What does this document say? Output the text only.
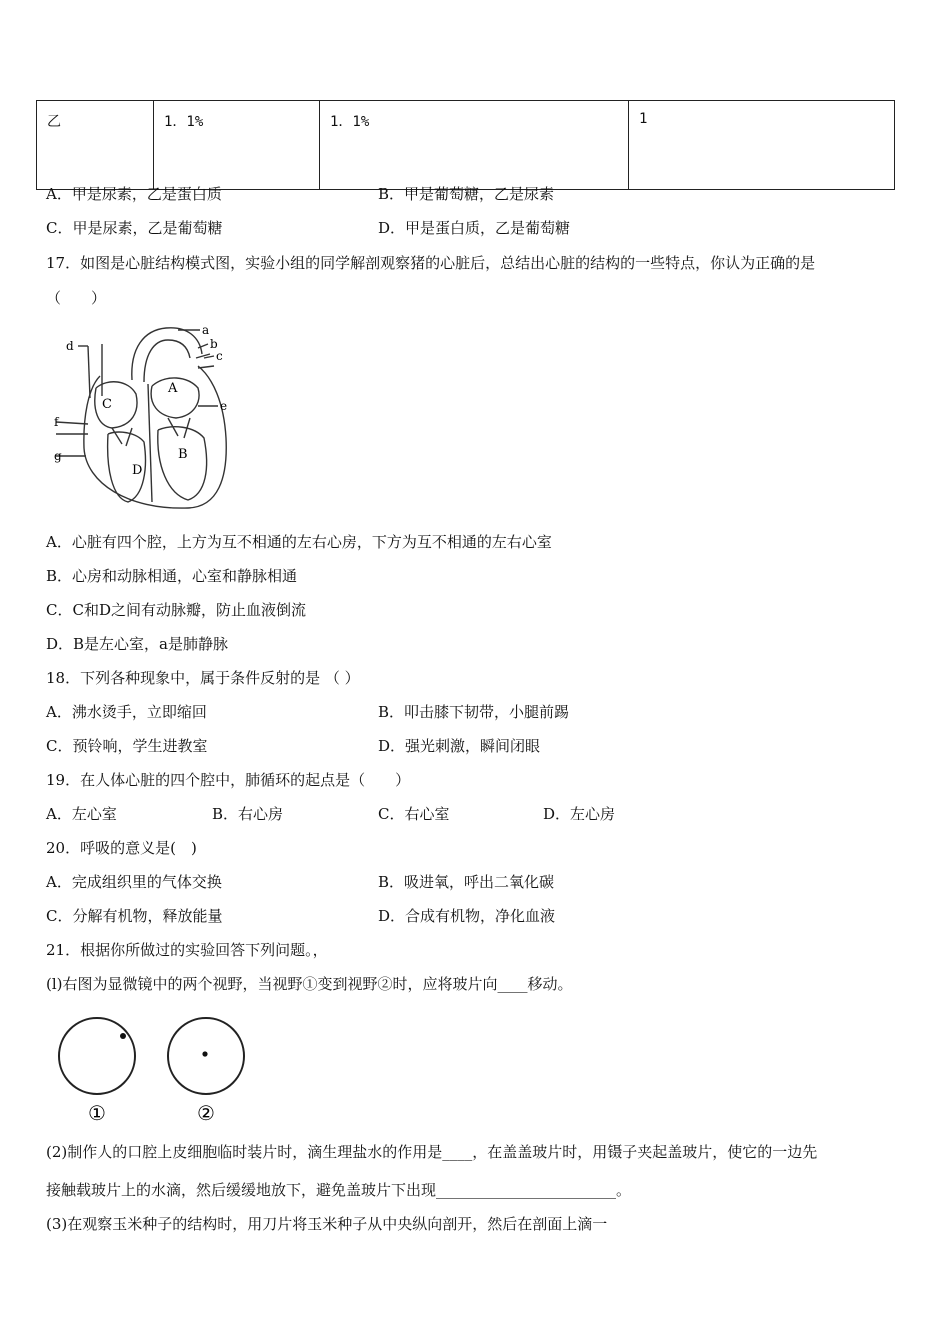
乙	1．1%	1．1%	1
A．甲是尿素，乙是蛋白质	B．甲是葡萄糖，乙是尿素
C．甲是尿素，乙是葡萄糖	D．甲是蛋白质，乙是葡萄糖
17．如图是心脏结构模式图，实验小组的同学解剖观察猪的心脏后，总结出心脏的结构的一些特点，你认为正确的是
（　　）
a
b
c
d
e
f
g
A
B
C
D
A．心脏有四个腔，上方为互不相通的左右心房，下方为互不相通的左右心室
B．心房和动脉相通，心室和静脉相通
C．C和D之间有动脉瓣，防止血液倒流
D．B是左心室，a是肺静脉
18．下列各种现象中，属于条件反射的是 （ ）
A．沸水烫手，立即缩回	B．叩击膝下韧带，小腿前踢
C．预铃响，学生进教室	D．强光刺激，瞬间闭眼
19．在人体心脏的四个腔中，肺循环的起点是（　　）
A．左心室	B．右心房	C．右心室	D．左心房
20．呼吸的意义是(　)
A．完成组织里的气体交换	B．吸进氧，呼出二氧化碳
C．分解有机物，释放能量	D．合成有机物，净化血液
21．根据你所做过的实验回答下列问题。，
(l)右图为显微镜中的两个视野，当视野①变到视野②时，应将玻片向____移动。
①	②
(2)制作人的口腔上皮细胞临时装片时，滴生理盐水的作用是____，在盖盖玻片时，用镊子夹起盖玻片，使它的一边先
接触载玻片上的水滴，然后缓缓地放下，避免盖玻片下出现________________________。
(3)在观察玉米种子的结构时，用刀片将玉米种子从中央纵向剖开，然后在剖面上滴一
